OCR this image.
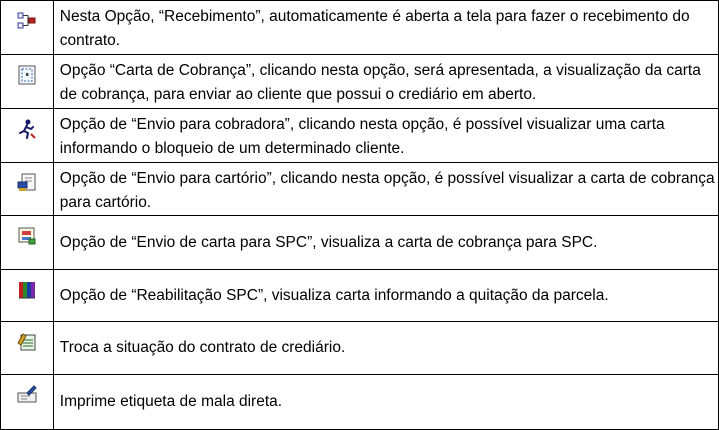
	Nesta Opção, “Recebimento”, automaticamente é aberta a tela para fazer o recebimento do contrato.

	Opção “Carta de Cobrança”, clicando nesta opção, será apresentada, a visualização da carta de cobrança, para enviar ao cliente que possui o crediário em aberto.

	Opção de “Envio para cobradora”, clicando nesta opção, é possível visualizar uma carta informando o bloqueio de um determinado cliente.

	Opção de “Envio para cartório”, clicando nesta opção, é possível visualizar a carta de cobrança para cartório.

	Opção de “Envio de carta para SPC”, visualiza a carta de cobrança para SPC.

	Opção de “Reabilitação SPC”, visualiza carta informando a quitação da parcela.

	Troca a situação do contrato de crediário.

	Imprime etiqueta de mala direta.
